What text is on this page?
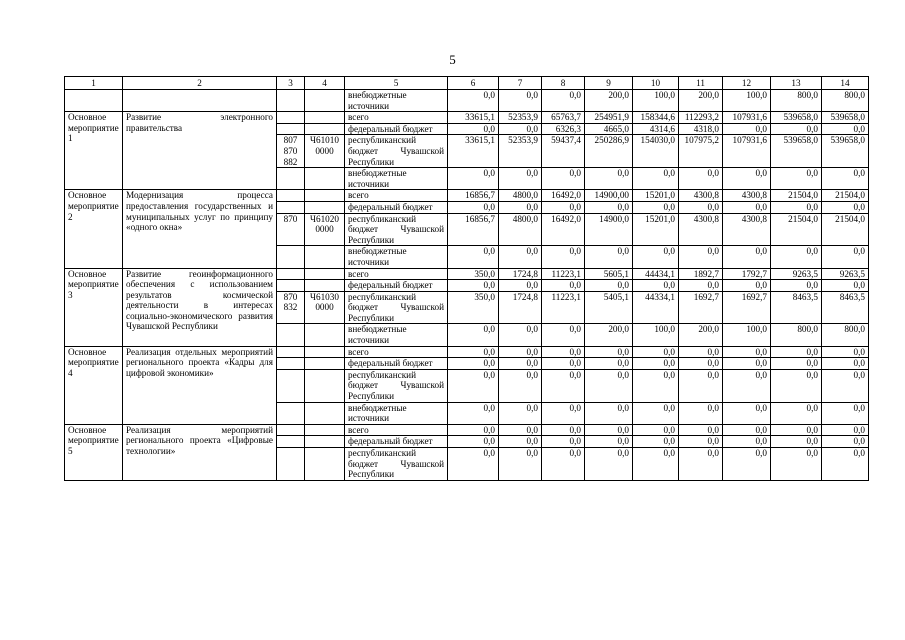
5
1	2	3	4	5	6	7	8	9	10	11	12	13	14
				внебюджетные источники	0,0	0,0	0,0	200,0	100,0	200,0	100,0	800,0	800,0
Основное мероприятие 1	Развитие электронного правительства			всего	33615,1	52353,9	65763,7	254951,9	158344,6	112293,2	107931,6	539658,0	539658,0
				федеральный бюджет	0,0	0,0	6326,3	4665,0	4314,6	4318,0	0,0	0,0	0,0
		807 870 882	Ч61010 0000	республиканский бюджет Чувашской Республики	33615,1	52353,9	59437,4	250286,9	154030,0	107975,2	107931,6	539658,0	539658,0
				внебюджетные источники	0,0	0,0	0,0	0,0	0,0	0,0	0,0	0,0	0,0
Основное мероприятие 2	Модернизация процесса предоставления государственных и муниципальных услуг по принципу «одного окна»			всего	16856,7	4800,0	16492,0	14900,00	15201,0	4300,8	4300,8	21504,0	21504,0
				федеральный бюджет	0,0	0,0	0,0	0,0	0,0	0,0	0,0	0,0	0,0
		870	Ч61020 0000	республиканский бюджет Чувашской Республики	16856,7	4800,0	16492,0	14900,0	15201,0	4300,8	4300,8	21504,0	21504,0
				внебюджетные источники	0,0	0,0	0,0	0,0	0,0	0,0	0,0	0,0	0,0
Основное мероприятие 3	Развитие геоинформационного обеспечения с использованием результатов космической деятельности в интересах социально-экономического развития Чувашской Республики			всего	350,0	1724,8	11223,1	5605,1	44434,1	1892,7	1792,7	9263,5	9263,5
				федеральный бюджет	0,0	0,0	0,0	0,0	0,0	0,0	0,0	0,0	0,0
		870 832	Ч61030 0000	республиканский бюджет Чувашской Республики	350,0	1724,8	11223,1	5405,1	44334,1	1692,7	1692,7	8463,5	8463,5
				внебюджетные источники	0,0	0,0	0,0	200,0	100,0	200,0	100,0	800,0	800,0
Основное мероприятие 4	Реализация отдельных мероприятий регионального проекта «Кадры для цифровой экономики»			всего	0,0	0,0	0,0	0,0	0,0	0,0	0,0	0,0	0,0
				федеральный бюджет	0,0	0,0	0,0	0,0	0,0	0,0	0,0	0,0	0,0
				республиканский бюджет Чувашской Республики	0,0	0,0	0,0	0,0	0,0	0,0	0,0	0,0	0,0
				внебюджетные источники	0,0	0,0	0,0	0,0	0,0	0,0	0,0	0,0	0,0
Основное мероприятие 5	Реализация мероприятий регионального проекта «Цифровые технологии»			всего	0,0	0,0	0,0	0,0	0,0	0,0	0,0	0,0	0,0
				федеральный бюджет	0,0	0,0	0,0	0,0	0,0	0,0	0,0	0,0	0,0
				республиканский бюджет Чувашской Республики	0,0	0,0	0,0	0,0	0,0	0,0	0,0	0,0	0,0
